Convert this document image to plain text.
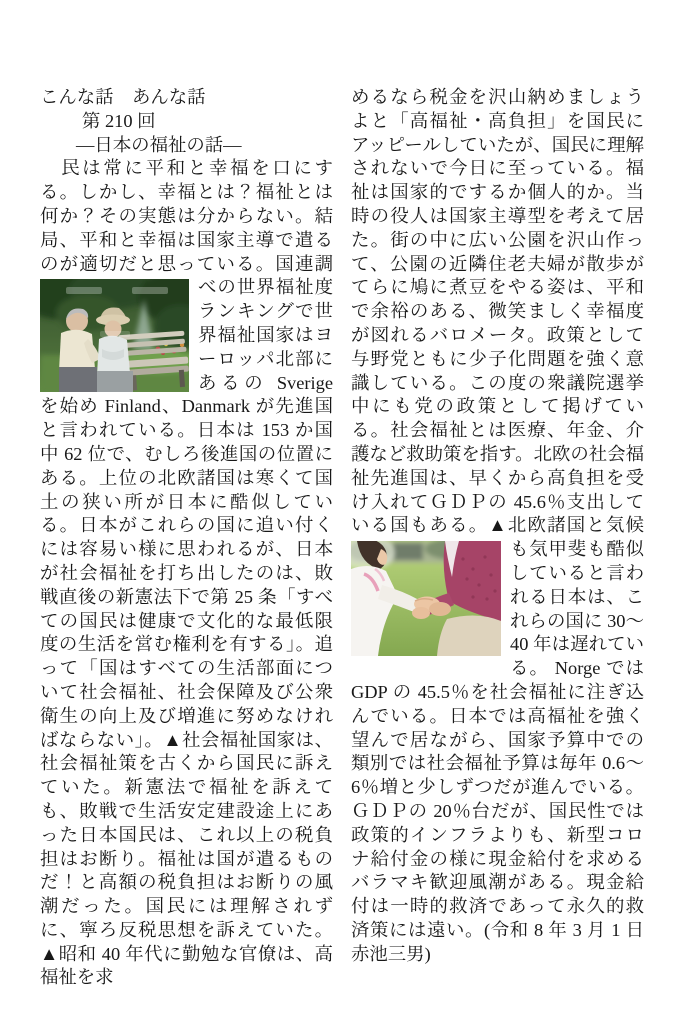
こんな話　あんな話
第 210 回
―日本の福祉の話―
　民は常に平和と幸福を口にする。しかし、幸福とは？福祉とは何か？その実態は分からない。結局、平和と幸福は国家主導で遣るのが適切だと思っている。国連調べの
世界福祉度ランキングで世界福祉国家はヨーロッパ北部にあるの Sverige を始め Finland、Danmark が先進国と言われている。日本は 153 か国中 62 位で、むしろ後進国の位置にある。上位の北欧諸国は寒くて国土の狭い所が日本に酷似している。日本がこれらの国に追い付くには容易い様に思われるが、日本が社会福祉を打ち出したのは、敗戦直後の新憲法下で第 25 条「すべての国民は健康で文化的な最低限度の生活を営む権利を有する」。追って「国はすべての生活部面について社会福祉、社会保障及び公衆衛生の向上及び増進に努めなければならない」。▲社会福祉国家は、社会福祉策を古くから国民に訴えていた。新憲法で福祉を訴えても、敗戦で生活安定建設途上にあった日本国民は、これ以上の税負担はお断り。福祉は国が遣るものだ！と高額の税負担はお断りの風潮だった。国民には理解されずに、寧ろ反税思想を訴えていた。▲昭和 40 年代に勤勉な官僚は、高福祉を求
めるなら税金を沢山納めましょうよと「高福祉・高負担」を国民にアッピールしていたが、国民に理解されないで今日に至っている。福祉は国家的でするか個人的か。当時の役人は国家主導型を考えて居た。街の中に広い公園を沢山作って、公園の近隣住老夫婦が散歩がてらに鳩に煮豆をやる姿は、平和で余裕のある、微笑ましく幸福度が図れるバロメータ。政策として与野党ともに少子化問題を強く意識している。この度の衆議院選挙中にも党の政策として掲げている。社会福祉とは医療、年金、介護など救助策を指す。北欧の社会福祉先進国は、早くから高負担を受け入れてＧＤＰの 45.6％支出している国もある。▲北欧諸国と気
候も気甲斐も酷似していると言われる日本は、これらの国に 30～40 年は遅れている。 Norge では GDP の 45.5％を社会福祉に注ぎ込んでいる。日本では高福祉を強く望んで居ながら、国家予算中での類別では社会福祉予算は毎年 0.6～6％増と少しずつだが進んでいる。ＧＤＰの 20％台だが、国民性では政策的インフラよりも、新型コロナ給付金の様に現金給付を求めるバラマキ歓迎風潮がある。現金給付は一時的救済であって永久的救済策には遠い。(令和 8 年 3 月 1 日　赤池三男)
